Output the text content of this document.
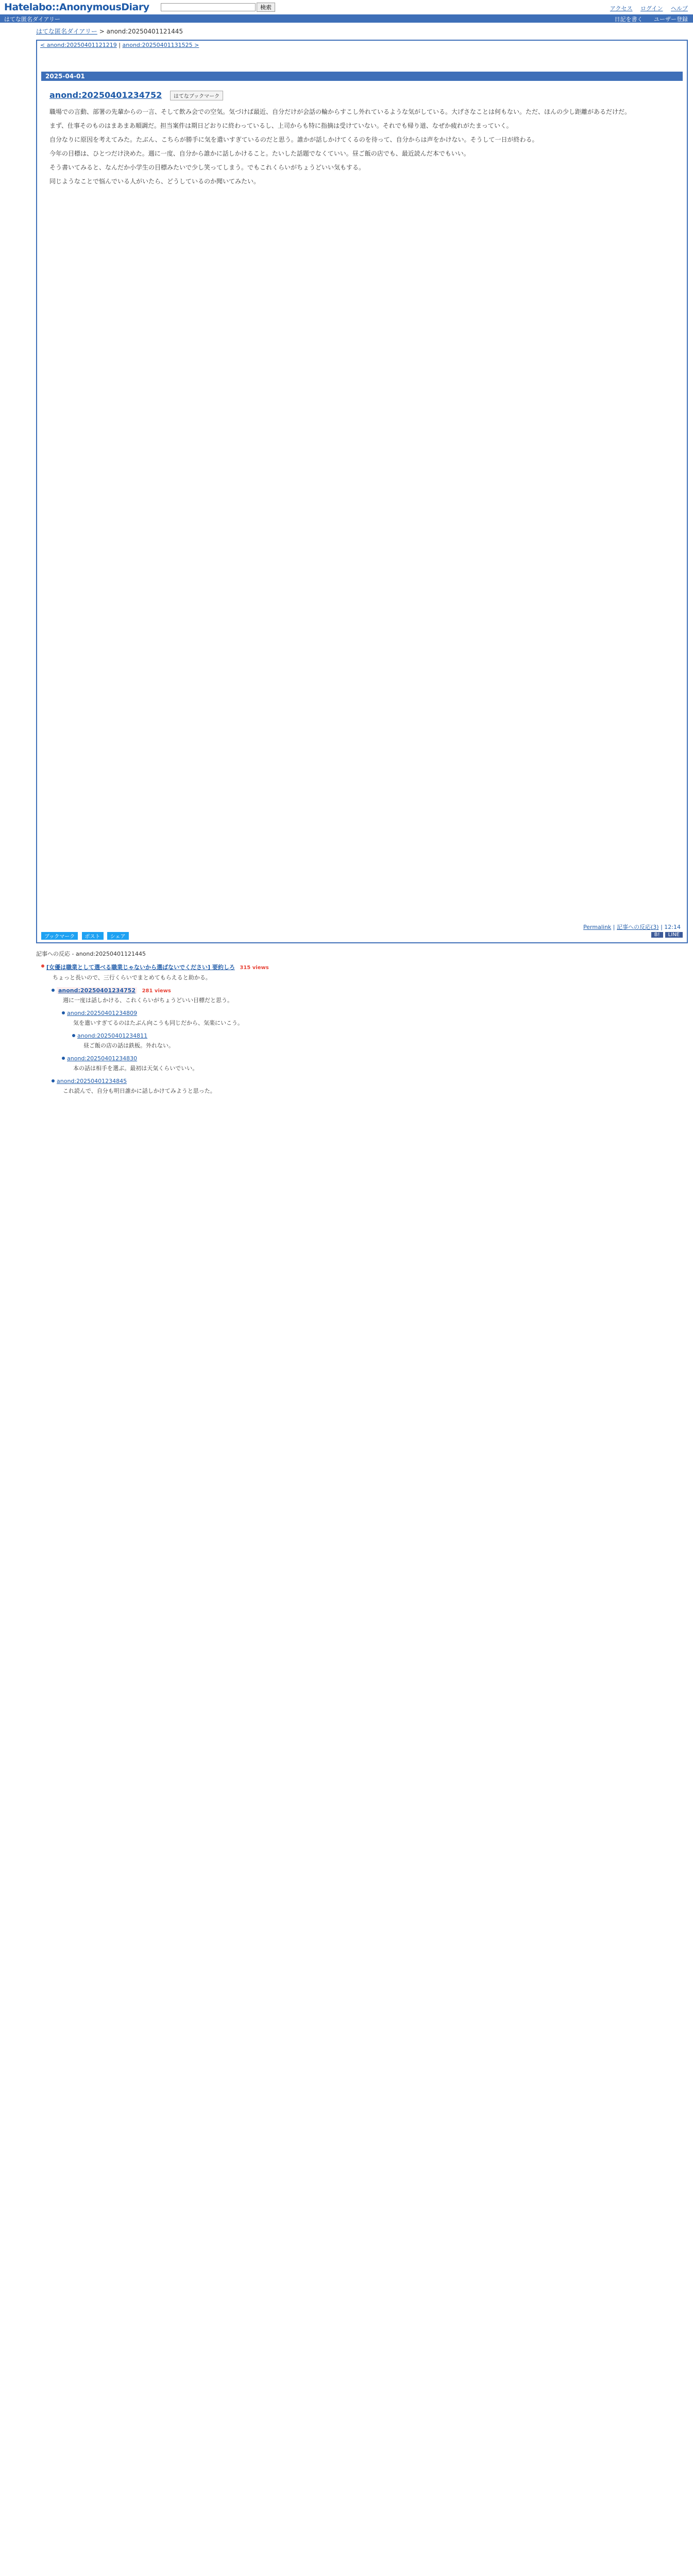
Hatelabo::AnonymousDiary	検索	アクセス ログイン ヘルプ
はてな匿名ダイアリー	日記を書く ユーザー登録
はてな匿名ダイアリー > anond:20250401121445
< anond:20250401121219 | anond:20250401131525 >
2025-04-01
anond:20250401234752 はてなブックマーク

職場での言動、部署の先輩からの一言、そして飲み会での空気。気づけば最近、自分だけが会話の輪からすこし外れているような気がしている。大げさなことは何もない。ただ、ほんの少し距離があるだけだ。

まず、仕事そのものはまあまあ順調だ。担当案件は期日どおりに終わっているし、上司からも特に指摘は受けていない。それでも帰り道、なぜか疲れがたまっていく。

自分なりに原因を考えてみた。たぶん、こちらが勝手に気を遣いすぎているのだと思う。誰かが話しかけてくるのを待って、自分からは声をかけない。そうして一日が終わる。

今年の目標は、ひとつだけ決めた。週に一度、自分から誰かに話しかけること。たいした話題でなくていい。昼ご飯の店でも、最近読んだ本でもいい。

そう書いてみると、なんだか小学生の目標みたいで少し笑ってしまう。でもこれくらいがちょうどいい気もする。

同じようなことで悩んでいる人がいたら、どうしているのか聞いてみたい。

Permalink | 記事への反応(3) | 12:14
ブックマーク ポスト シェア	LINE
B!
記事への反応 - anond:20250401121445
[女優は職業として選べる職業じゃないから選ばないでください] 要約しろ 315 views
ちょっと長いので、三行くらいでまとめてもらえると助かる。
anond:20250401234752 281 views
週に一度は話しかける、これくらいがちょうどいい目標だと思う。
anond:20250401234809
気を遣いすぎてるのはたぶん向こうも同じだから、気楽にいこう。
anond:20250401234811
昼ご飯の店の話は鉄板。外れない。
anond:20250401234830
本の話は相手を選ぶ。最初は天気くらいでいい。
anond:20250401234845
これ読んで、自分も明日誰かに話しかけてみようと思った。
